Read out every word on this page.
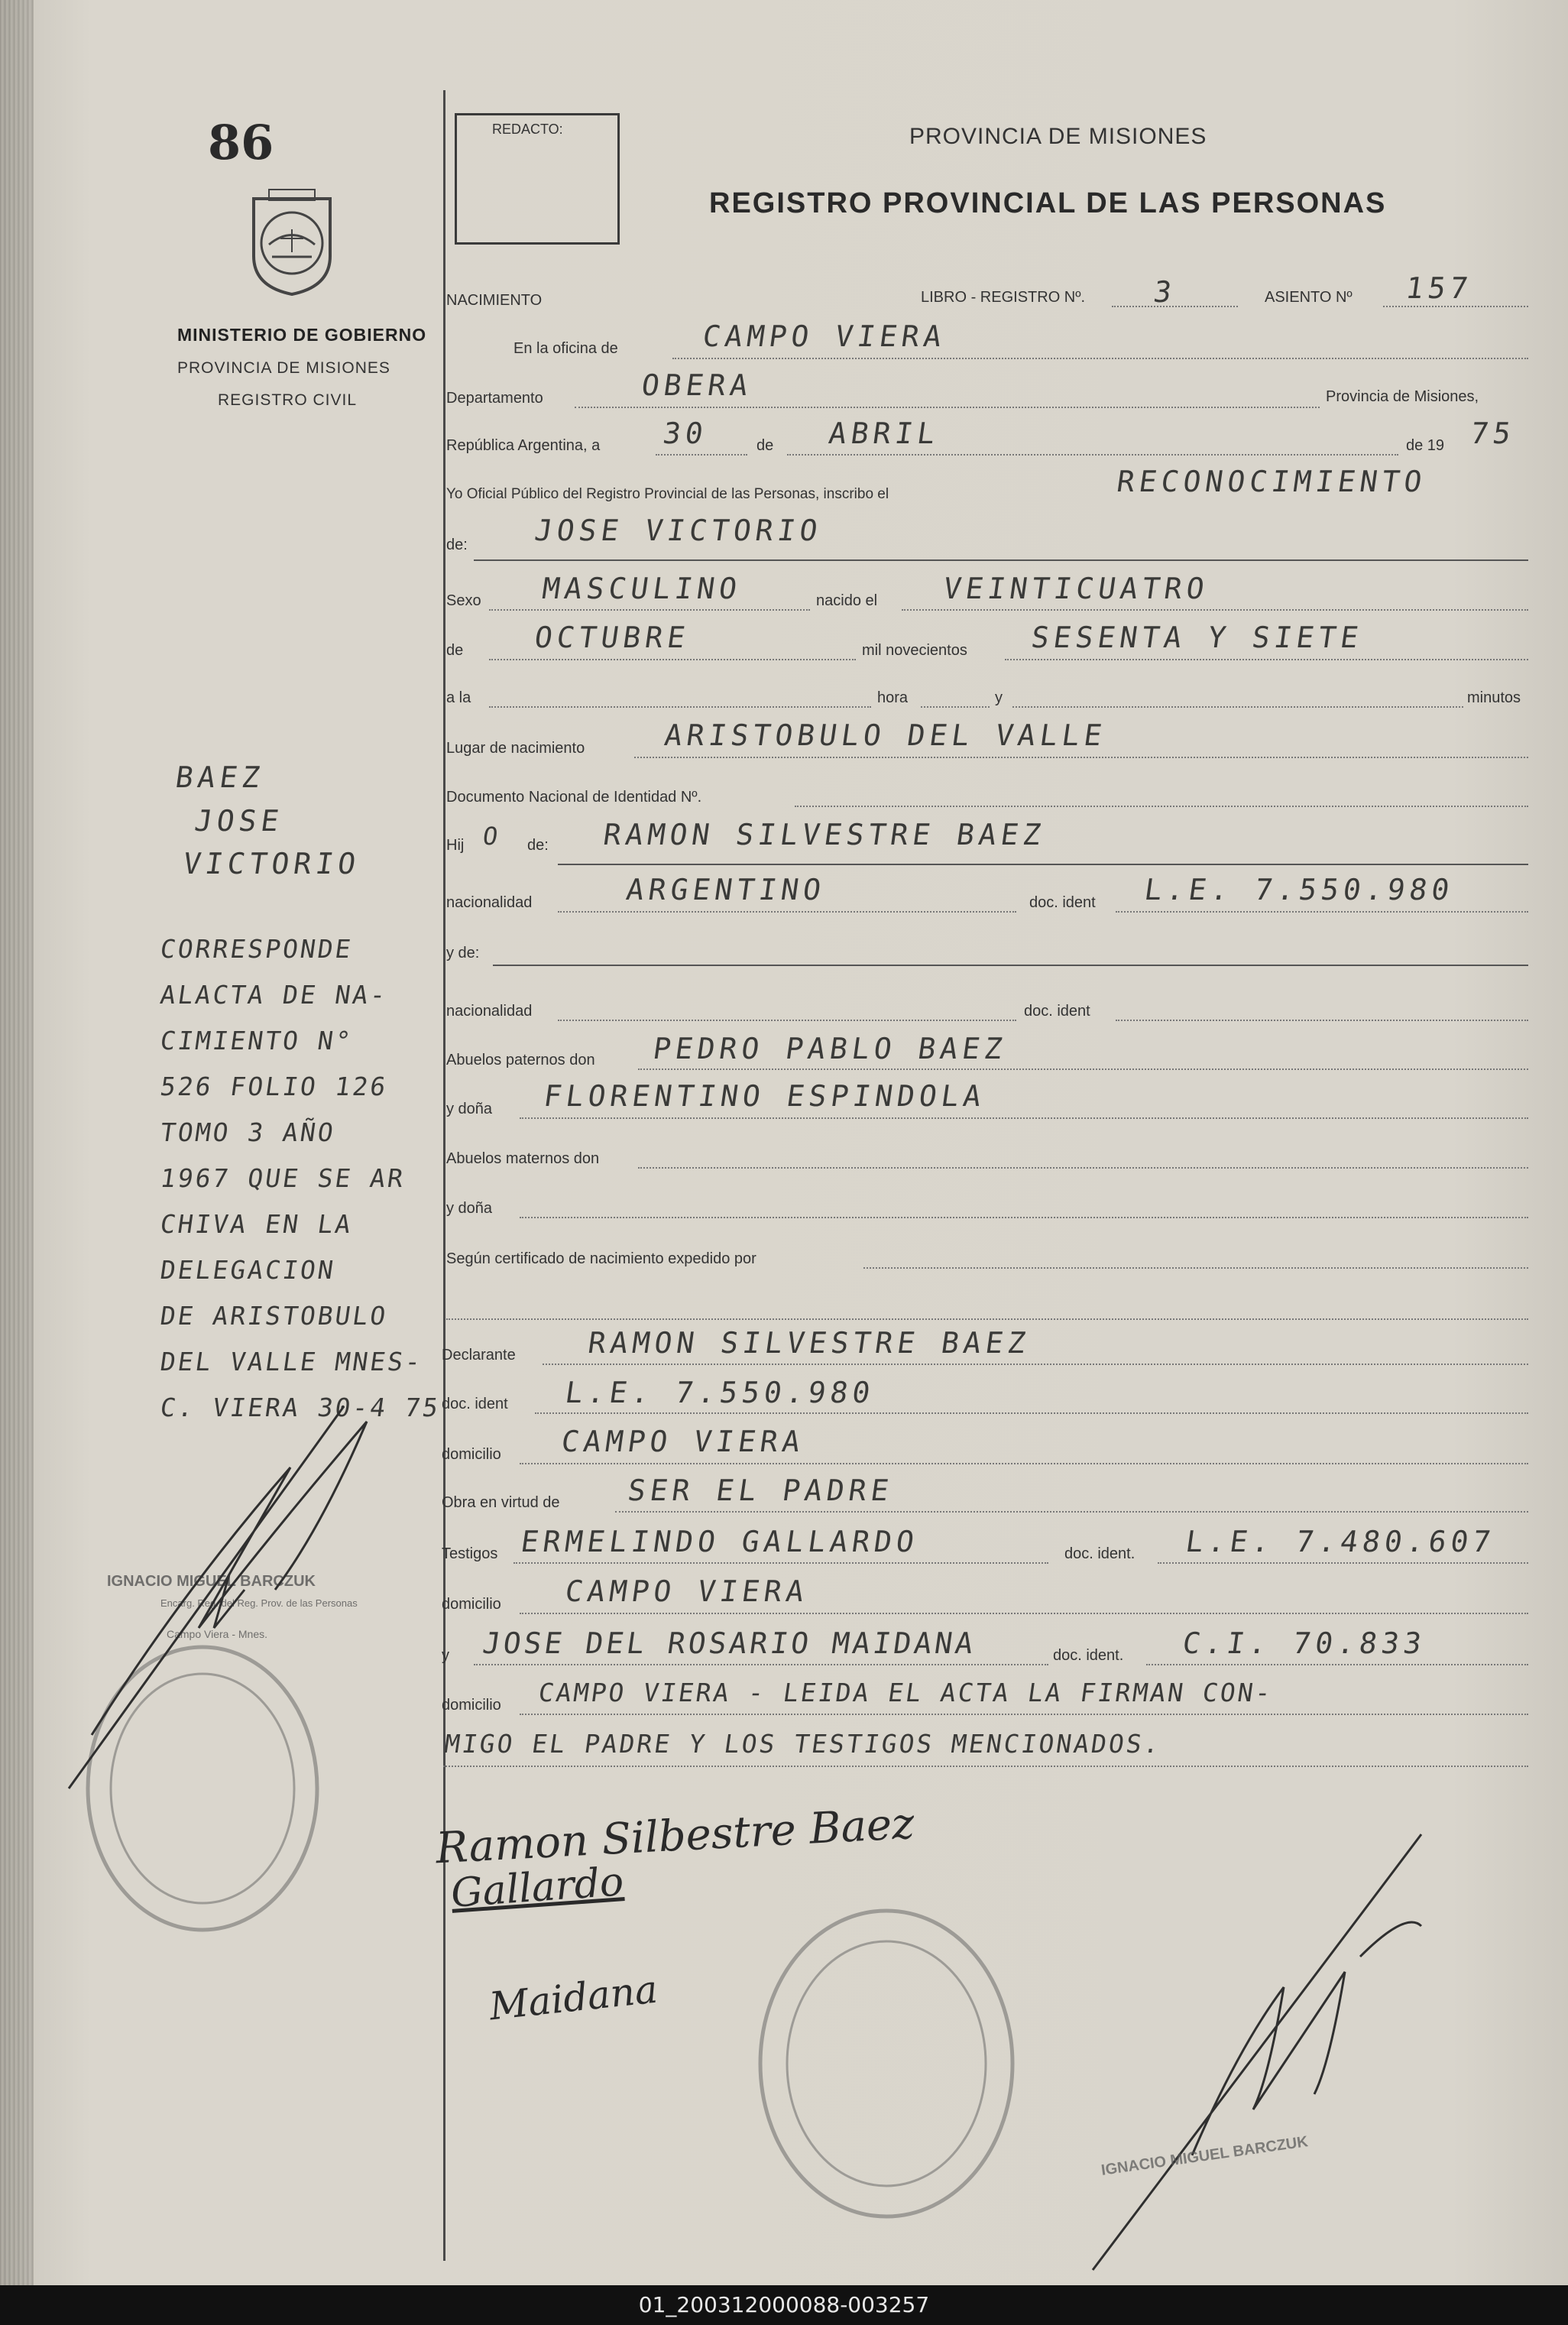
86
MINISTERIO DE GOBIERNO
PROVINCIA DE MISIONES
REGISTRO CIVIL
REDACTO:	PROVINCIA DE MISIONES
REGISTRO PROVINCIAL DE LAS PERSONAS
NACIMIENTO	LIBRO - REGISTRO Nº. 3	ASIENTO Nº 157
En la oficina de	CAMPO VIERA
Departamento	OBERA	Provincia de Misiones,
República Argentina, a 30	de ABRIL	de 19 75
Yo Oficial Público del Registro Provincial de las Personas, inscribo el	RECONOCIMIENTO
de: JOSE VICTORIO
Sexo MASCULINO	nacido el VEINTICUATRO
de OCTUBRE	mil novecientos SESENTA Y SIETE
a la	hora	y	minutos
Lugar de nacimiento	ARISTOBULO DEL VALLE
Documento Nacional de Identidad Nº.
Hij O de: RAMON SILVESTRE BAEZ
nacionalidad	ARGENTINO	doc. ident L.E. 7.550.980
y de:
nacionalidad	doc. ident
Abuelos paternos don PEDRO PABLO BAEZ
y doña FLORENTINO ESPINDOLA
Abuelos maternos don
y doña
Según certificado de nacimiento expedido por
Declarante RAMON SILVESTRE BAEZ
doc. ident L.E. 7.550.980
domicilio CAMPO VIERA
Obra en virtud de SER EL PADRE
Testigos ERMELINDO GALLARDO	doc. ident. L.E. 7.480.607
domicilio CAMPO VIERA
y JOSE DEL ROSARIO MAIDANA	doc. ident. C.I. 70.833
domicilio CAMPO VIERA - LEIDA EL ACTA LA FIRMAN CON-
MIGO EL PADRE Y LOS TESTIGOS MENCIONADOS.
BAEZ
JOSE
VICTORIO
CORRESPONDE
ALACTA DE NA-
CIMIENTO N°
526 FOLIO 126
TOMO 3 AÑO
1967 QUE SE AR
CHIVA EN LA
DELEGACION
DE ARISTOBULO
DEL VALLE MNES-
C. VIERA 30-4 75
IGNACIO MIGUEL BARCZUK
Encarg. Reg. del Reg. Prov. de las Personas
Campo Viera - Mnes.
Ramon Silbestre Baez
Gallardo
Maidana
IGNACIO MIGUEL BARCZUK
01_200312000088-003257
